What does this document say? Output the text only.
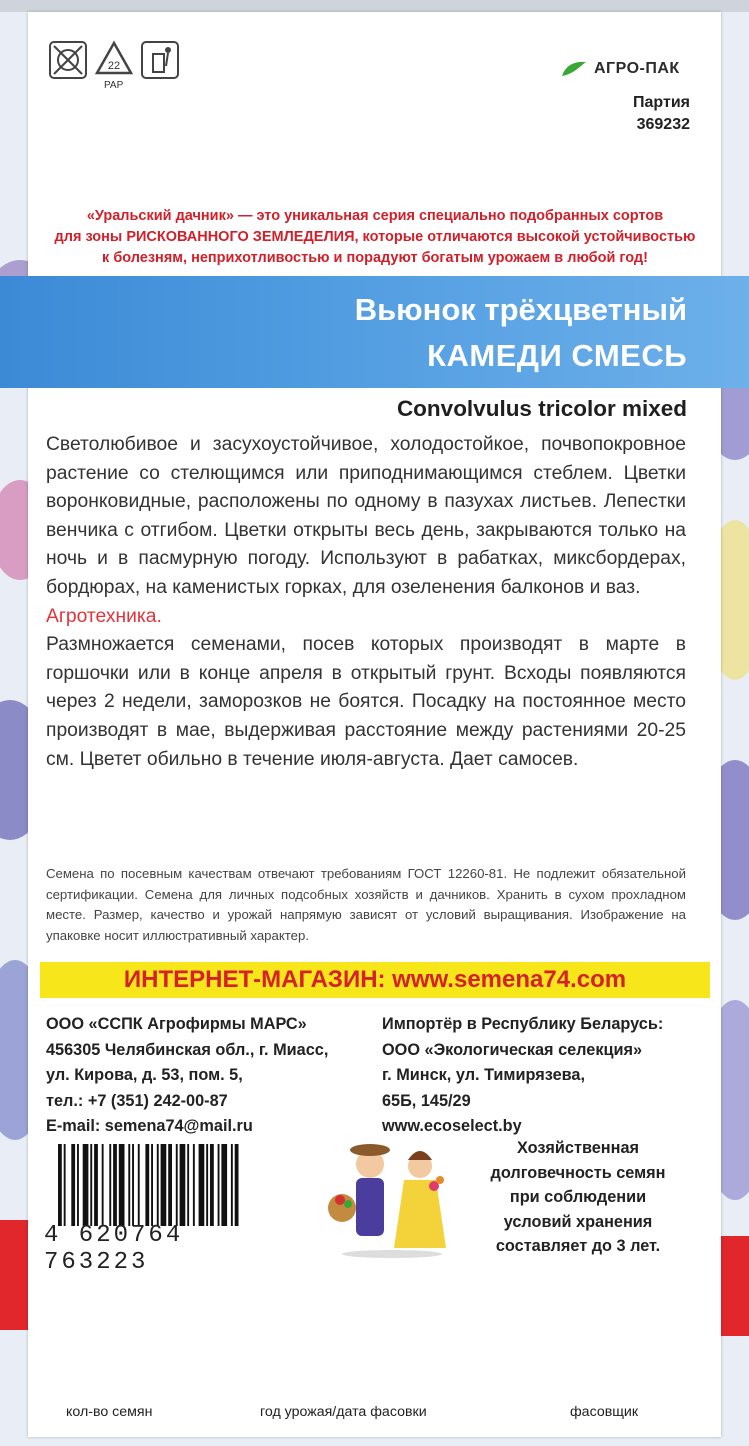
22
PAP
АГРО-ПАК
Партия
369232
«Уральский дачник» — это уникальная серия специально подобранных сортов
для зоны РИСКОВАННОГО ЗЕМЛЕДЕЛИЯ, которые отличаются высокой устойчивостью
к болезням, неприхотливостью и порадуют богатым урожаем в любой год!
Вьюнок трёхцветный
КАМЕДИ СМЕСЬ
Convolvulus tricolor mixed

Светолюбивое и засухоустойчивое, холодостойкое, почвопокровное растение со стелющимся или приподнимающимся стеблем. Цветки воронковидные, расположены по одному в пазухах листьев. Лепестки венчика с отгибом. Цветки открыты весь день, закрываются только на ночь и в пасмурную погоду. Используют в рабатках, миксбордерах, бордюрах, на каменистых горках, для озеленения балконов и ваз.

Агротехника.

Размножается семенами, посев которых производят в марте в горшочки или в конце апреля в открытый грунт. Всходы появляются через 2 недели, заморозков не боятся. Посадку на постоянное место производят в мае, выдерживая расстояние между растениями 20-25 см. Цветет обильно в течение июля-августа. Дает самосев.

Семена по посевным качествам отвечают требованиям ГОСТ 12260-81. Не подлежит обязательной сертификации. Семена для личных подсобных хозяйств и дачников. Хранить в сухом прохладном месте. Размер, качество и урожай напрямую зависят от условий выращивания. Изображение на упаковке носит иллюстративный характер.
ИНТЕРНЕТ-МАГАЗИН: www.semena74.com
ООО «ССПК Агрофирмы МАРС»
456305 Челябинская обл., г. Миасс,
ул. Кирова, д. 53, пом. 5,
тел.: +7 (351) 242-00-87
E-mail: semena74@mail.ru
Импортёр в Республику Беларусь:
ООО «Экологическая селекция»
г. Минск, ул. Тимирязева,
65Б, 145/29
www.ecoselect.by
4 620764 763223
Хозяйственная
долговечность семян
при соблюдении
условий хранения
составляет до 3 лет.
кол-во семян	год урожая/дата фасовки	фасовщик
